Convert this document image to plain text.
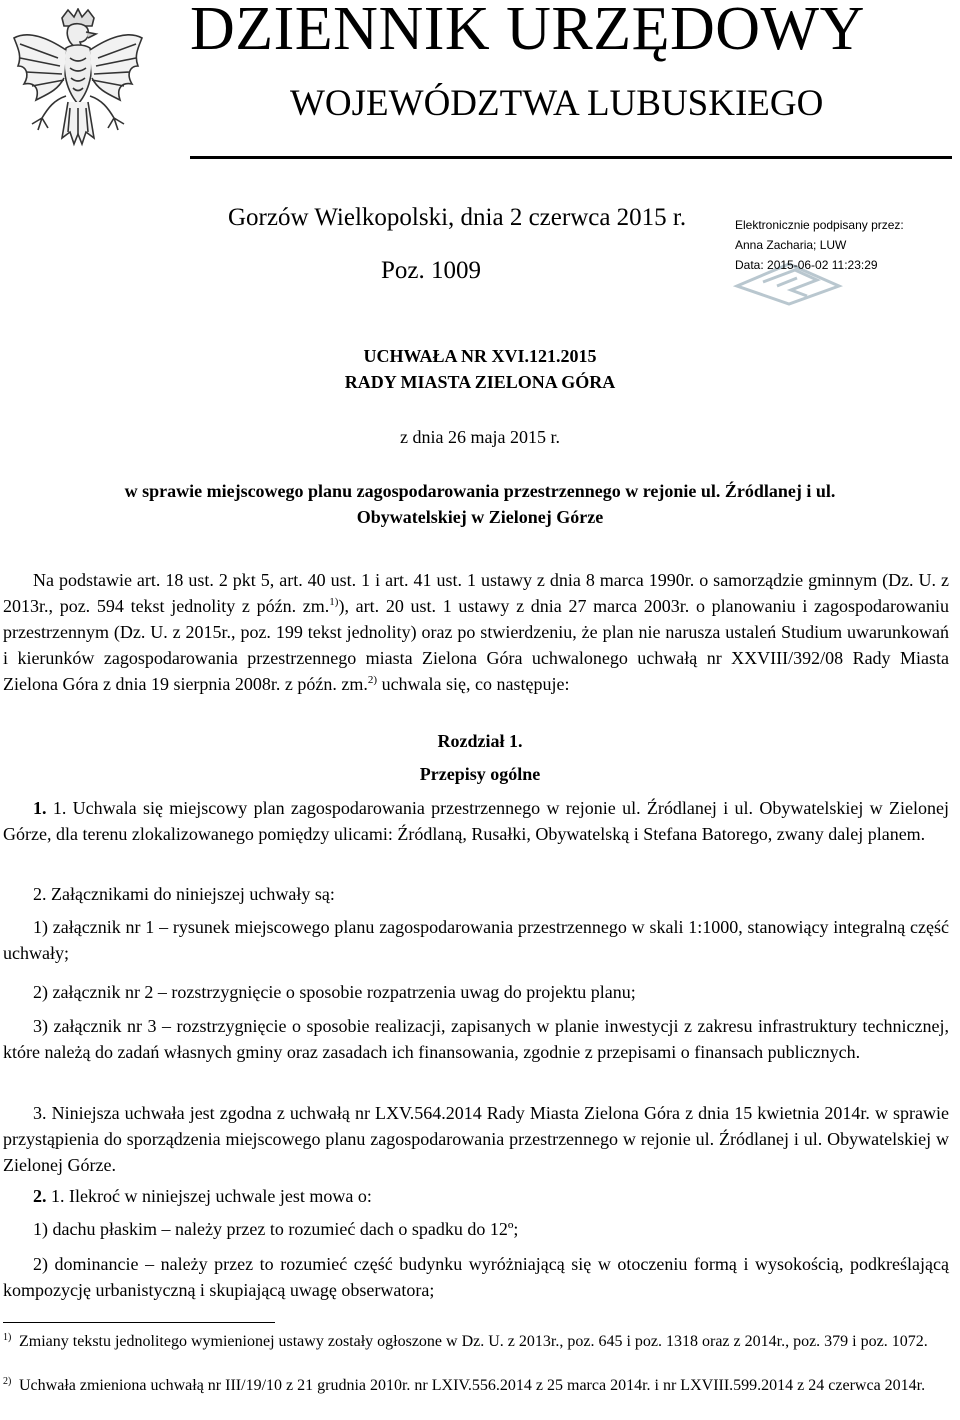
DZIENNIK URZĘDOWY
WOJEWÓDZTWA LUBUSKIEGO
Gorzów Wielkopolski, dnia 2 czerwca 2015 r.
Poz. 1009
Elektronicznie podpisany przez:
Anna Zacharia; LUW
Data: 2015-06-02 11:23:29
UCHWAŁA NR XVI.121.2015
RADY MIASTA ZIELONA GÓRA
z dnia 26 maja 2015 r.
w sprawie miejscowego planu zagospodarowania przestrzennego w rejonie ul. Źródlanej i ul. Obywatelskiej w Zielonej Górze
Na podstawie art. 18 ust. 2 pkt 5, art. 40 ust. 1 i art. 41 ust. 1 ustawy z dnia 8 marca 1990r. o samorządzie gminnym (Dz. U. z 2013r., poz. 594 tekst jednolity z późn. zm.$^{1)}$), art. 20 ust. 1 ustawy z dnia 27 marca 2003r. o planowaniu i zagospodarowaniu przestrzennym (Dz. U. z 2015r., poz. 199 tekst jednolity) oraz po stwierdzeniu, że plan nie narusza ustaleń Studium uwarunkowań i kierunków zagospodarowania przestrzennego miasta Zielona Góra uchwalonego uchwałą nr XXVIII/392/08 Rady Miasta Zielona Góra z dnia 19 sierpnia 2008r. z późn. zm.$^{2)}$ uchwala się, co następuje:
Rozdział 1.
Przepisy ogólne
1. 1. Uchwala się miejscowy plan zagospodarowania przestrzennego w rejonie ul. Źródlanej i ul. Obywatelskiej w Zielonej Górze, dla terenu zlokalizowanego pomiędzy ulicami: Źródlaną, Rusałki, Obywatelską i Stefana Batorego, zwany dalej planem.
2. Załącznikami do niniejszej uchwały są:
1) załącznik nr 1 – rysunek miejscowego planu zagospodarowania przestrzennego w skali 1:1000, stanowiący integralną część uchwały;
2) załącznik nr 2 – rozstrzygnięcie o sposobie rozpatrzenia uwag do projektu planu;
3) załącznik nr 3 – rozstrzygnięcie o sposobie realizacji, zapisanych w planie inwestycji z zakresu infrastruktury technicznej, które należą do zadań własnych gminy oraz zasadach ich finansowania, zgodnie z przepisami o finansach publicznych.
3. Niniejsza uchwała jest zgodna z uchwałą nr LXV.564.2014 Rady Miasta Zielona Góra z dnia 15 kwietnia 2014r. w sprawie przystąpienia do sporządzenia miejscowego planu zagospodarowania przestrzennego w rejonie ul. Źródlanej i ul. Obywatelskiej w Zielonej Górze.
2. 1. Ilekroć w niniejszej uchwale jest mowa o:
1) dachu płaskim – należy przez to rozumieć dach o spadku do 12º;
2) dominancie – należy przez to rozumieć część budynku wyróżniającą się w otoczeniu formą i wysokością, podkreślającą kompozycję urbanistyczną i skupiającą uwagę obserwatora;
1) Zmiany tekstu jednolitego wymienionej ustawy zostały ogłoszone w Dz. U. z 2013r., poz. 645 i poz. 1318 oraz z 2014r., poz. 379 i poz. 1072.
2) Uchwała zmieniona uchwałą nr III/19/10 z 21 grudnia 2010r. nr LXIV.556.2014 z 25 marca 2014r. i nr LXVIII.599.2014 z 24 czerwca 2014r.
